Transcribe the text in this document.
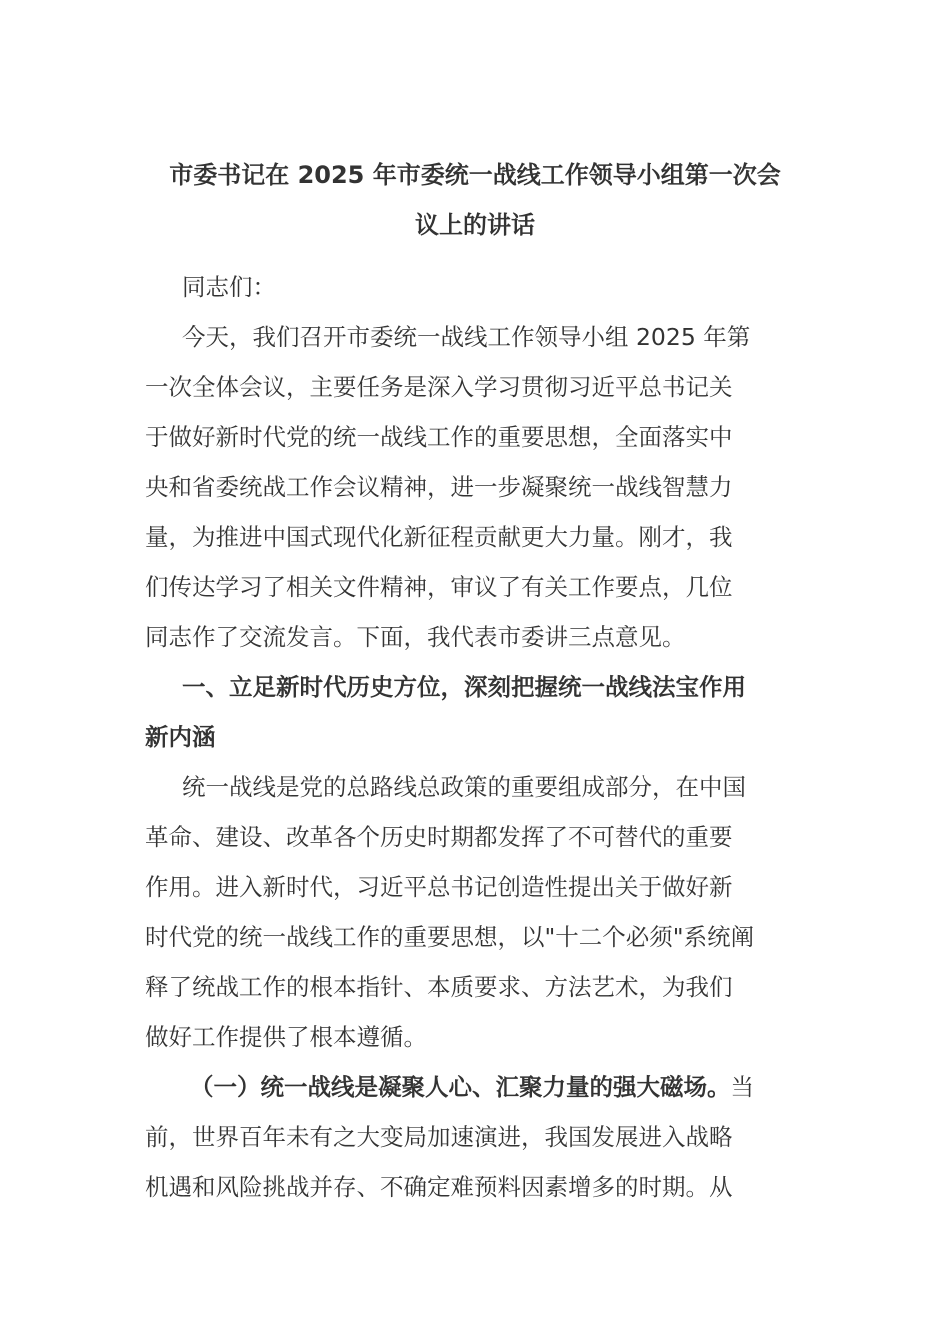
市委书记在 2025 年市委统一战线工作领导小组第一次会
议上的讲话
同志们：
今天，我们召开市委统一战线工作领导小组 2025 年第
一次全体会议，主要任务是深入学习贯彻习近平总书记关
于做好新时代党的统一战线工作的重要思想，全面落实中
央和省委统战工作会议精神，进一步凝聚统一战线智慧力
量，为推进中国式现代化新征程贡献更大力量。刚才，我
们传达学习了相关文件精神，审议了有关工作要点，几位
同志作了交流发言。下面，我代表市委讲三点意见。
一、立足新时代历史方位，深刻把握统一战线法宝作用
新内涵
统一战线是党的总路线总政策的重要组成部分，在中国
革命、建设、改革各个历史时期都发挥了不可替代的重要
作用。进入新时代，习近平总书记创造性提出关于做好新
时代党的统一战线工作的重要思想，以"十二个必须"系统阐
释了统战工作的根本指针、本质要求、方法艺术，为我们
做好工作提供了根本遵循。
（一）统一战线是凝聚人心、汇聚力量的强大磁场。当
前，世界百年未有之大变局加速演进，我国发展进入战略
机遇和风险挑战并存、不确定难预料因素增多的时期。从
